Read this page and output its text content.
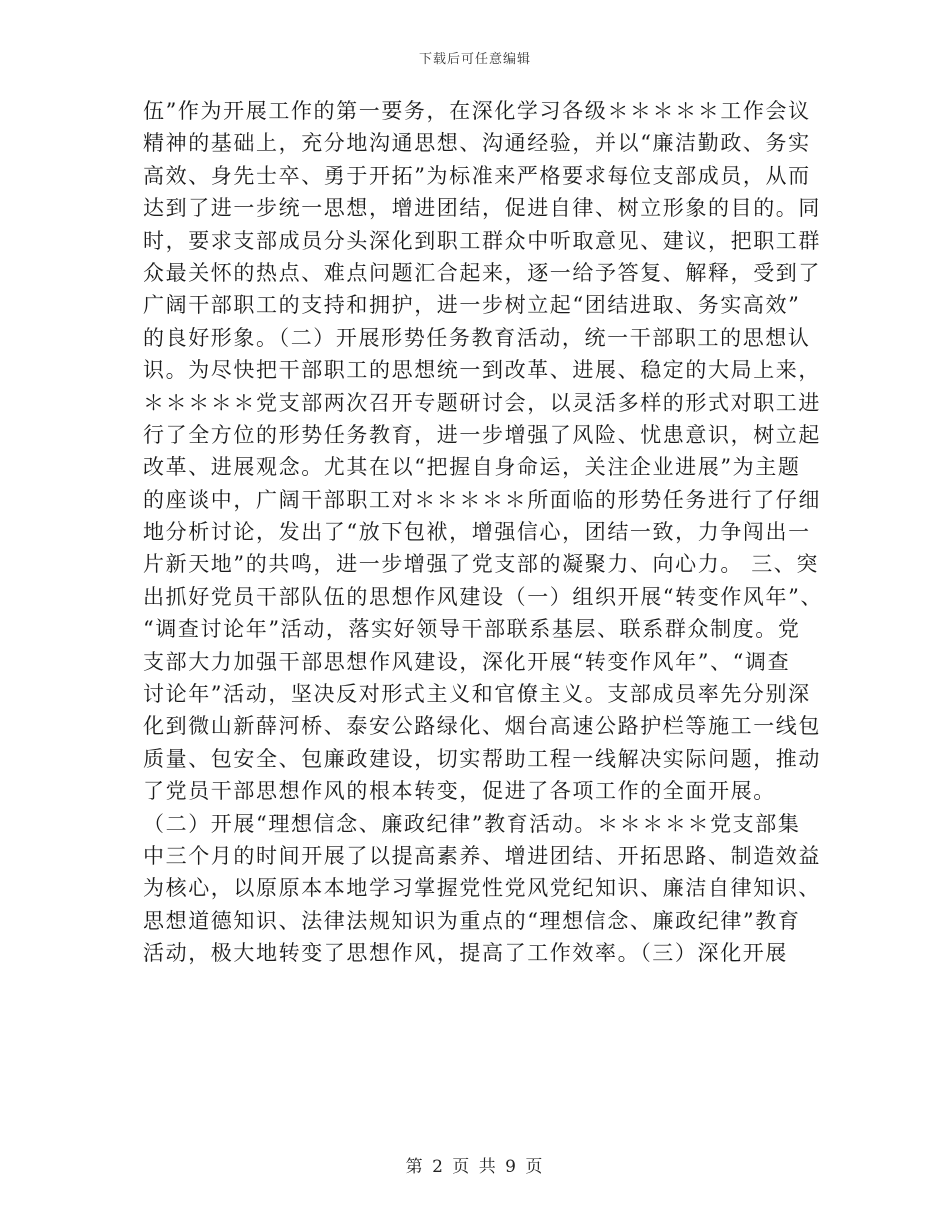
下载后可任意编辑
伍”作为开展工作的第一要务，在深化学习各级＊＊＊＊＊工作会议
精神的基础上，充分地沟通思想、沟通经验，并以“廉洁勤政、务实
高效、身先士卒、勇于开拓”为标准来严格要求每位支部成员，从而
达到了进一步统一思想，增进团结，促进自律、树立形象的目的。同
时，要求支部成员分头深化到职工群众中听取意见、建议，把职工群
众最关怀的热点、难点问题汇合起来，逐一给予答复、解释，受到了
广阔干部职工的支持和拥护，进一步树立起“团结进取、务实高效”
的良好形象。（二）开展形势任务教育活动，统一干部职工的思想认
识。为尽快把干部职工的思想统一到改革、进展、稳定的大局上来，
＊＊＊＊＊党支部两次召开专题研讨会，以灵活多样的形式对职工进
行了全方位的形势任务教育，进一步增强了风险、忧患意识，树立起
改革、进展观念。尤其在以“把握自身命运，关注企业进展”为主题
的座谈中，广阔干部职工对＊＊＊＊＊所面临的形势任务进行了仔细
地分析讨论，发出了“放下包袱，增强信心，团结一致，力争闯出一
片新天地”的共鸣，进一步增强了党支部的凝聚力、向心力。 三、突
出抓好党员干部队伍的思想作风建设（一）组织开展“转变作风年”、
“调查讨论年”活动，落实好领导干部联系基层、联系群众制度。党
支部大力加强干部思想作风建设，深化开展“转变作风年”、“调查
讨论年”活动，坚决反对形式主义和官僚主义。支部成员率先分别深
化到微山新薛河桥、泰安公路绿化、烟台高速公路护栏等施工一线包
质量、包安全、包廉政建设，切实帮助工程一线解决实际问题，推动
了党员干部思想作风的根本转变，促进了各项工作的全面开展。
（二）开展“理想信念、廉政纪律”教育活动。＊＊＊＊＊党支部集
中三个月的时间开展了以提高素养、增进团结、开拓思路、制造效益
为核心，以原原本本地学习掌握党性党风党纪知识、廉洁自律知识、
思想道德知识、法律法规知识为重点的“理想信念、廉政纪律”教育
活动，极大地转变了思想作风，提高了工作效率。（三）深化开展
第 2 页 共 9 页
